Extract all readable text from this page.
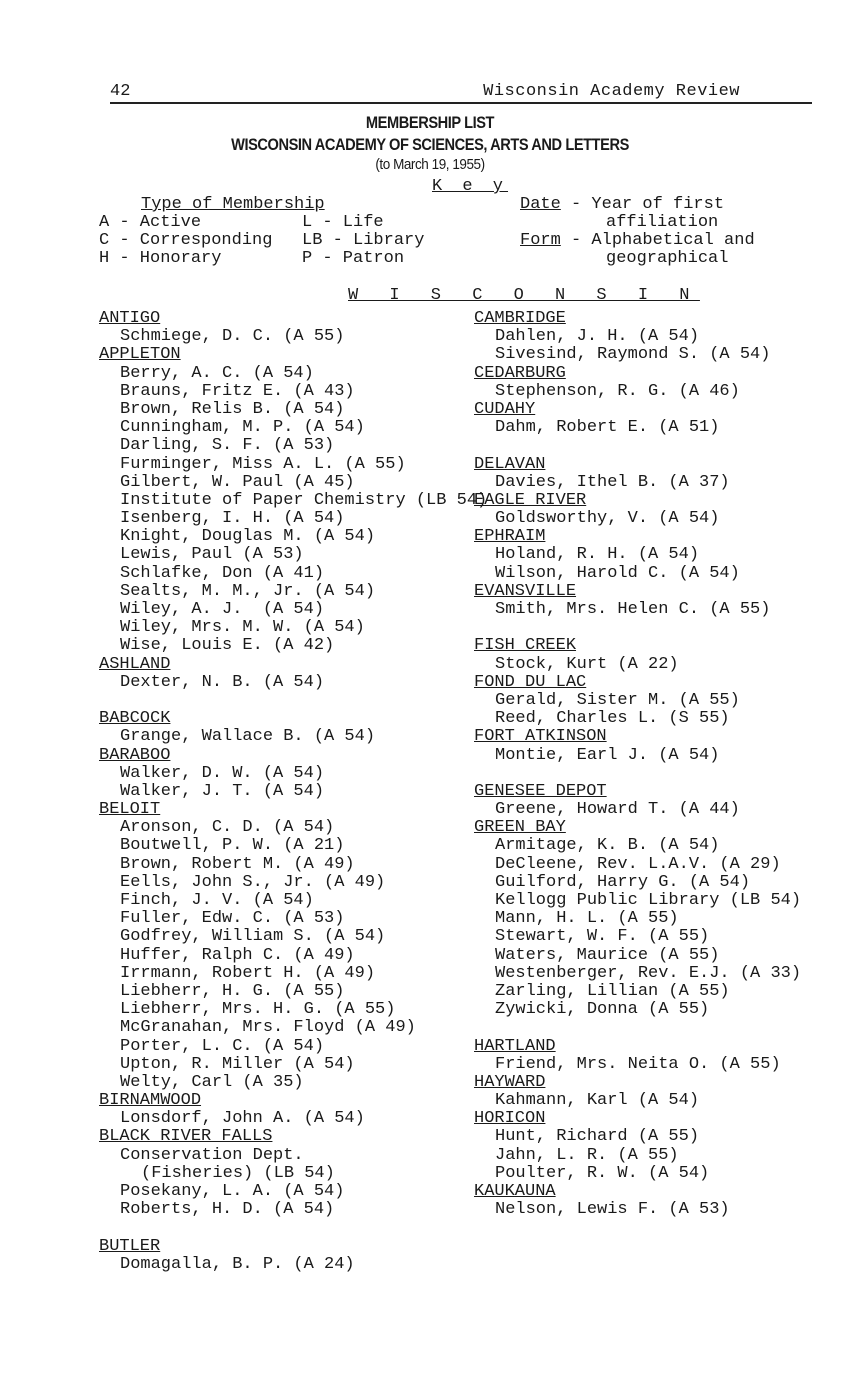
42	Wisconsin Academy Review
MEMBERSHIP LIST
WISCONSIN ACADEMY OF SCIENCES, ARTS AND LETTERS
(to March 19, 1955)
K e y
Type of Membership
A - Active	L - Life
C - Corresponding LB - Library
H - Honorary	P - Patron
Date - Year of first
affiliation
Form - Alphabetical and
geographical
W I S C O N S I N
ANTIGO
Schmiege, D. C. (A 55)
APPLETON
Berry, A. C. (A 54)
Brauns, Fritz E. (A 43)
Brown, Relis B. (A 54)
Cunningham, M. P. (A 54)
Darling, S. F. (A 53)
Furminger, Miss A. L. (A 55)
Gilbert, W. Paul (A 45)
Institute of Paper Chemistry (LB 54)
Isenberg, I. H. (A 54)
Knight, Douglas M. (A 54)
Lewis, Paul (A 53)
Schlafke, Don (A 41)
Sealts, M. M., Jr. (A 54)
Wiley, A. J.  (A 54)
Wiley, Mrs. M. W. (A 54)
Wise, Louis E. (A 42)
ASHLAND
Dexter, N. B. (A 54)
BABCOCK
Grange, Wallace B. (A 54)
BARABOO
Walker, D. W. (A 54)
Walker, J. T. (A 54)
BELOIT
Aronson, C. D. (A 54)
Boutwell, P. W. (A 21)
Brown, Robert M. (A 49)
Eells, John S., Jr. (A 49)
Finch, J. V. (A 54)
Fuller, Edw. C. (A 53)
Godfrey, William S. (A 54)
Huffer, Ralph C. (A 49)
Irrmann, Robert H. (A 49)
Liebherr, H. G. (A 55)
Liebherr, Mrs. H. G. (A 55)
McGranahan, Mrs. Floyd (A 49)
Porter, L. C. (A 54)
Upton, R. Miller (A 54)
Welty, Carl (A 35)
BIRNAMWOOD
Lonsdorf, John A. (A 54)
BLACK RIVER FALLS
Conservation Dept.
(Fisheries) (LB 54)
Posekany, L. A. (A 54)
Roberts, H. D. (A 54)
BUTLER
Domagalla, B. P. (A 24)
CAMBRIDGE
Dahlen, J. H. (A 54)
Sivesind, Raymond S. (A 54)
CEDARBURG
Stephenson, R. G. (A 46)
CUDAHY
Dahm, Robert E. (A 51)
DELAVAN
Davies, Ithel B. (A 37)
EAGLE RIVER
Goldsworthy, V. (A 54)
EPHRAIM
Holand, R. H. (A 54)
Wilson, Harold C. (A 54)
EVANSVILLE
Smith, Mrs. Helen C. (A 55)
FISH CREEK
Stock, Kurt (A 22)
FOND DU LAC
Gerald, Sister M. (A 55)
Reed, Charles L. (S 55)
FORT ATKINSON
Montie, Earl J. (A 54)
GENESEE DEPOT
Greene, Howard T. (A 44)
GREEN BAY
Armitage, K. B. (A 54)
DeCleene, Rev. L.A.V. (A 29)
Guilford, Harry G. (A 54)
Kellogg Public Library (LB 54)
Mann, H. L. (A 55)
Stewart, W. F. (A 55)
Waters, Maurice (A 55)
Westenberger, Rev. E.J. (A 33)
Zarling, Lillian (A 55)
Zywicki, Donna (A 55)
HARTLAND
Friend, Mrs. Neita O. (A 55)
HAYWARD
Kahmann, Karl (A 54)
HORICON
Hunt, Richard (A 55)
Jahn, L. R. (A 55)
Poulter, R. W. (A 54)
KAUKAUNA
Nelson, Lewis F. (A 53)
